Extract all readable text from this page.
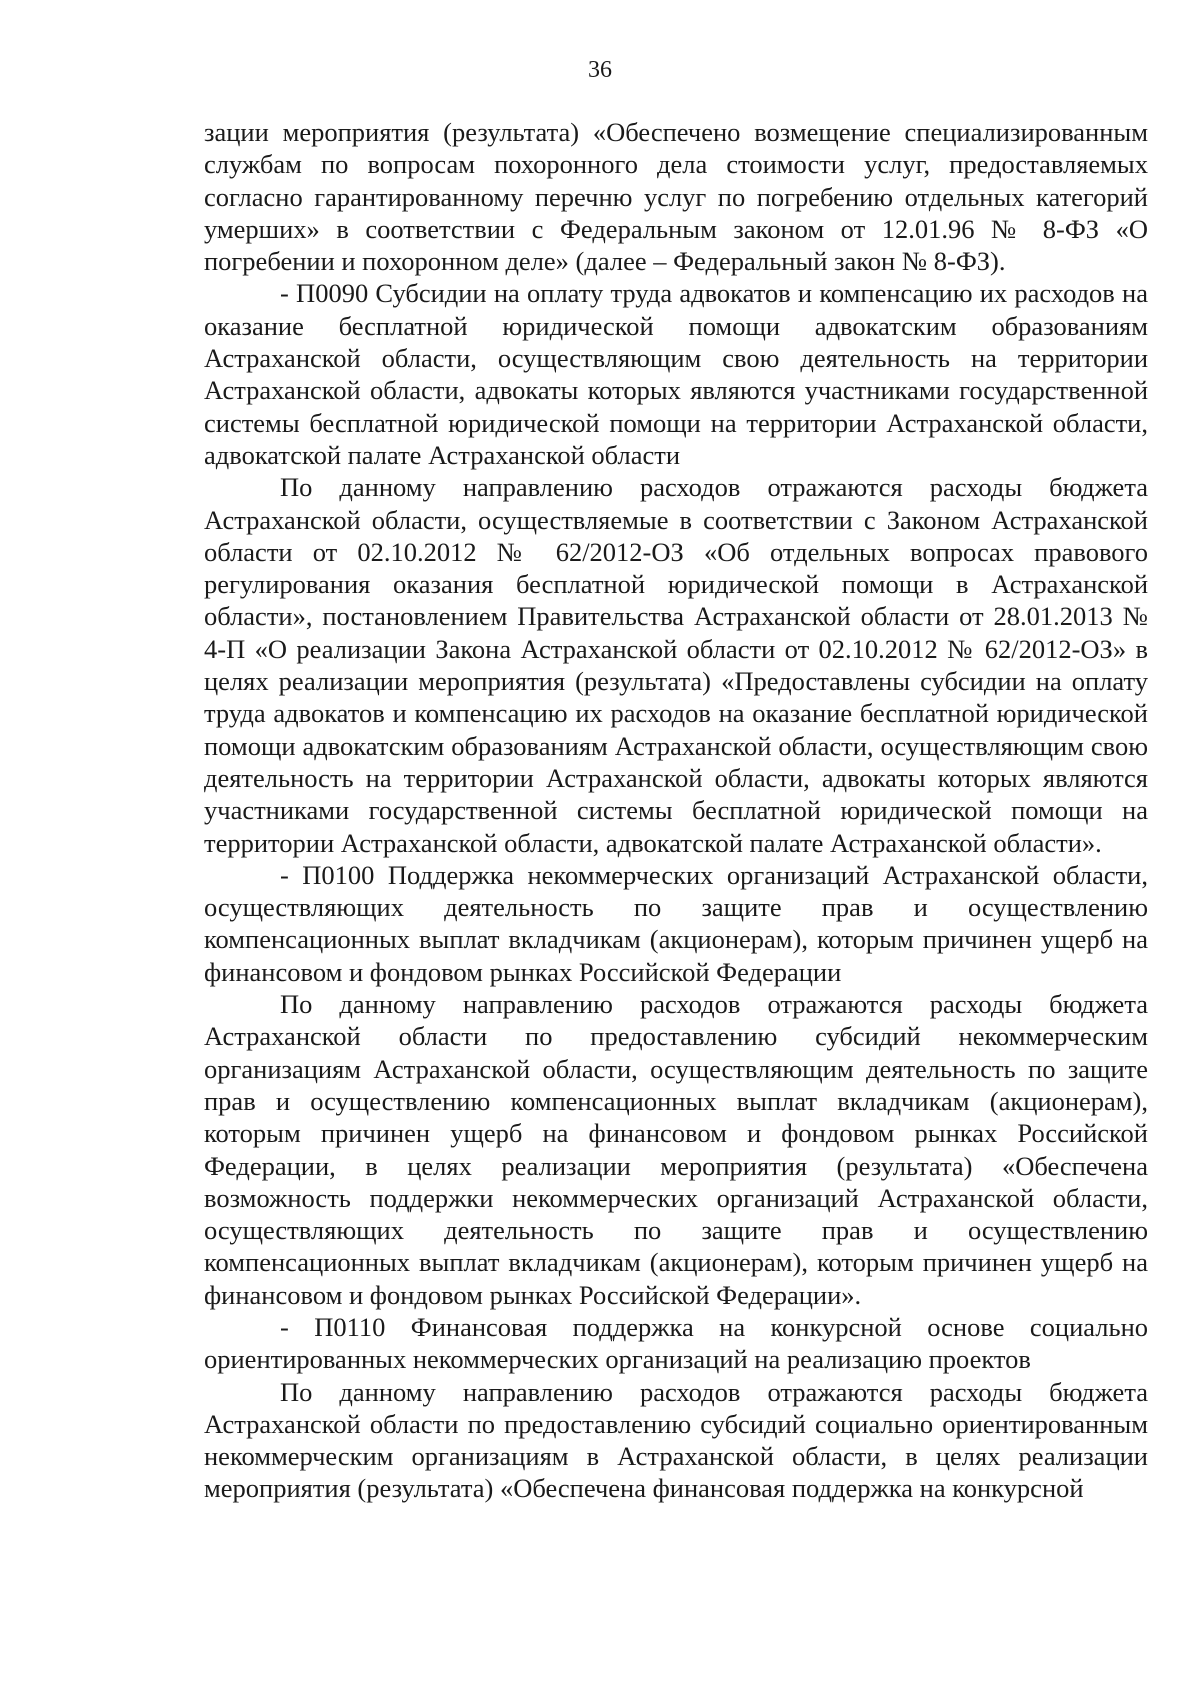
36

зации мероприятия (результата) «Обеспечено возмещение специализированным службам по вопросам похоронного дела стоимости услуг, предоставляемых согласно гарантированному перечню услуг по погребению отдельных категорий умерших» в соответствии с Федеральным законом от 12.01.96 № 8-ФЗ «О погребении и похоронном деле» (далее – Федеральный закон № 8-ФЗ).

- П0090 Субсидии на оплату труда адвокатов и компенсацию их расходов на оказание бесплатной юридической помощи адвокатским образованиям Астраханской области, осуществляющим свою деятельность на территории Астраханской области, адвокаты которых являются участниками государственной системы бесплатной юридической помощи на территории Астраханской области, адвокатской палате Астраханской области

По данному направлению расходов отражаются расходы бюджета Астраханской области, осуществляемые в соответствии с Законом Астраханской области от 02.10.2012 № 62/2012-ОЗ «Об отдельных вопросах правового регулирования оказания бесплатной юридической помощи в Астраханской области», постановлением Правительства Астраханской области от 28.01.2013 № 4-П «О реализации Закона Астраханской области от 02.10.2012 № 62/2012-ОЗ» в целях реализации мероприятия (результата) «Предоставлены субсидии на оплату труда адвокатов и компенсацию их расходов на оказание бесплатной юридической помощи адвокатским образованиям Астраханской области, осуществляющим свою деятельность на территории Астраханской области, адвокаты которых являются участниками государственной системы бесплатной юридической помощи на территории Астраханской области, адвокатской палате Астраханской области».

- П0100 Поддержка некоммерческих организаций Астраханской области, осуществляющих деятельность по защите прав и осуществлению компенсационных выплат вкладчикам (акционерам), которым причинен ущерб на финансовом и фондовом рынках Российской Федерации

По данному направлению расходов отражаются расходы бюджета Астраханской области по предоставлению субсидий некоммерческим организациям Астраханской области, осуществляющим деятельность по защите прав и осуществлению компенсационных выплат вкладчикам (акционерам), которым причинен ущерб на финансовом и фондовом рынках Российской Федерации, в целях реализации мероприятия (результата) «Обеспечена возможность поддержки некоммерческих организаций Астраханской области, осуществляющих деятельность по защите прав и осуществлению компенсационных выплат вкладчикам (акционерам), которым причинен ущерб на финансовом и фондовом рынках Российской Федерации».

- П0110 Финансовая поддержка на конкурсной основе социально ориентированных некоммерческих организаций на реализацию проектов

По данному направлению расходов отражаются расходы бюджета Астраханской области по предоставлению субсидий социально ориентированным некоммерческим организациям в Астраханской области, в целях реализации мероприятия (результата) «Обеспечена финансовая поддержка на конкурсной
